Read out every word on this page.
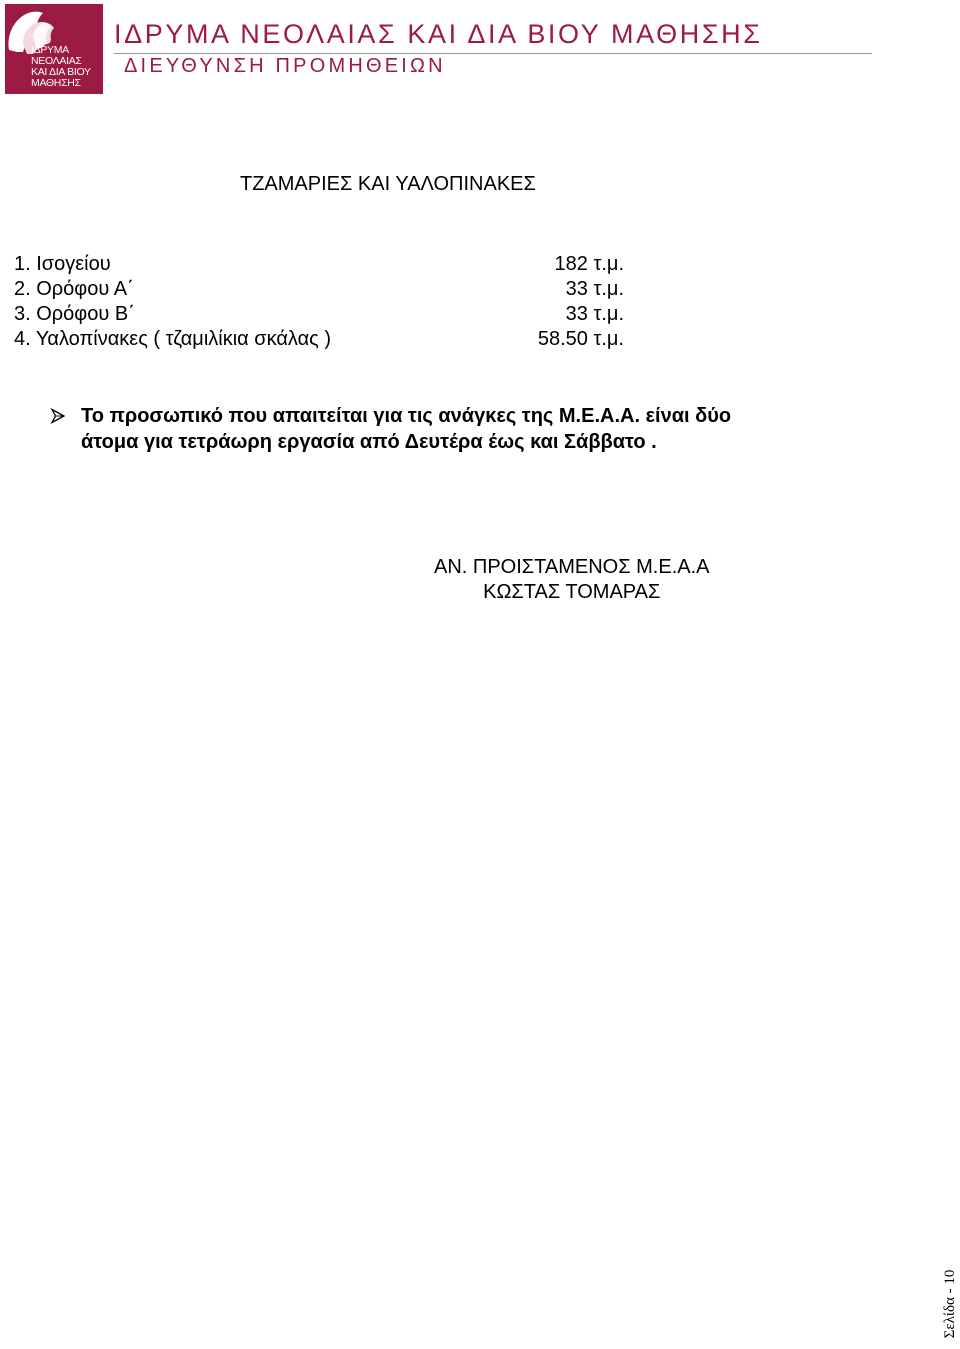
ΙΔΡΥΜΑ
ΝΕΟΛΑΙΑΣ
ΚΑΙ ΔΙΑ ΒΙΟΥ
ΜΑΘΗΣΗΣ
ΙΔΡΥΜΑ ΝΕΟΛΑΙΑΣ ΚΑΙ ΔΙΑ ΒΙΟΥ ΜΑΘΗΣΗΣ
ΔΙΕΥΘΥΝΣΗ ΠΡΟΜΗΘΕΙΩΝ
ΤΖΑΜΑΡΙΕΣ ΚΑΙ ΥΑΛΟΠΙΝΑΚΕΣ
1. Ισογείου	182 τ.μ.
2. Ορόφου Α΄	33 τ.μ.
3. Ορόφου Β΄	33 τ.μ.
4. Υαλοπίνακες ( τζαμιλίκια σκάλας )	58.50 τ.μ.
Το προσωπικό που απαιτείται για τις ανάγκες της Μ.Ε.Α.Α. είναι δύο
άτομα για τετράωρη εργασία από Δευτέρα έως και Σάββατο .
ΑΝ. ΠΡΟΙΣΤΑΜΕΝΟΣ Μ.Ε.Α.Α
ΚΩΣΤΑΣ ΤΟΜΑΡΑΣ
Σελίδα - 10
